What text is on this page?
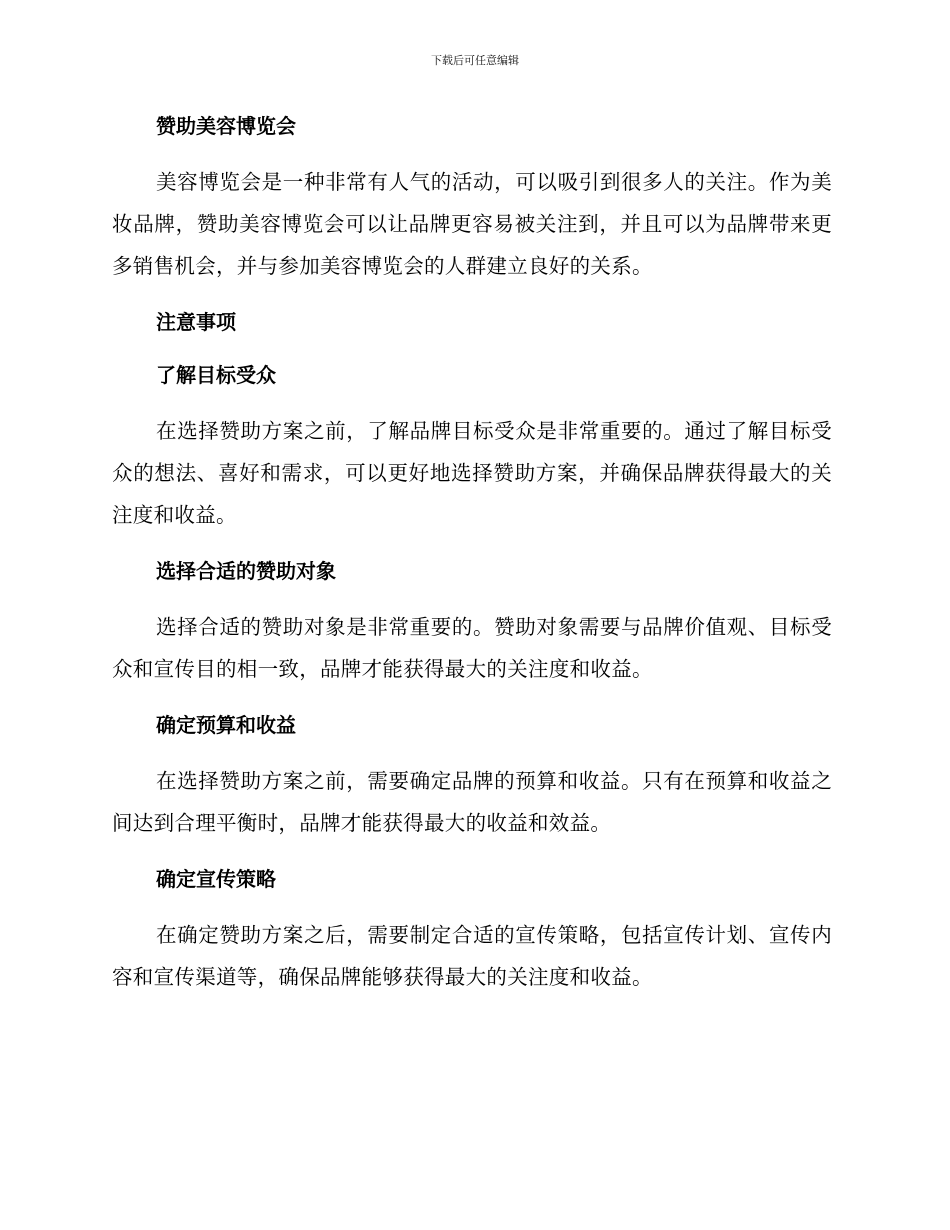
下载后可任意编辑
赞助美容博览会
美容博览会是一种非常有人气的活动，可以吸引到很多人的关注。作为美妆品牌，赞助美容博览会可以让品牌更容易被关注到，并且可以为品牌带来更多销售机会，并与参加美容博览会的人群建立良好的关系。
注意事项
了解目标受众
在选择赞助方案之前，了解品牌目标受众是非常重要的。通过了解目标受众的想法、喜好和需求，可以更好地选择赞助方案，并确保品牌获得最大的关注度和收益。
选择合适的赞助对象
选择合适的赞助对象是非常重要的。赞助对象需要与品牌价值观、目标受众和宣传目的相一致，品牌才能获得最大的关注度和收益。
确定预算和收益
在选择赞助方案之前，需要确定品牌的预算和收益。只有在预算和收益之间达到合理平衡时，品牌才能获得最大的收益和效益。
确定宣传策略
在确定赞助方案之后，需要制定合适的宣传策略，包括宣传计划、宣传内容和宣传渠道等，确保品牌能够获得最大的关注度和收益。
